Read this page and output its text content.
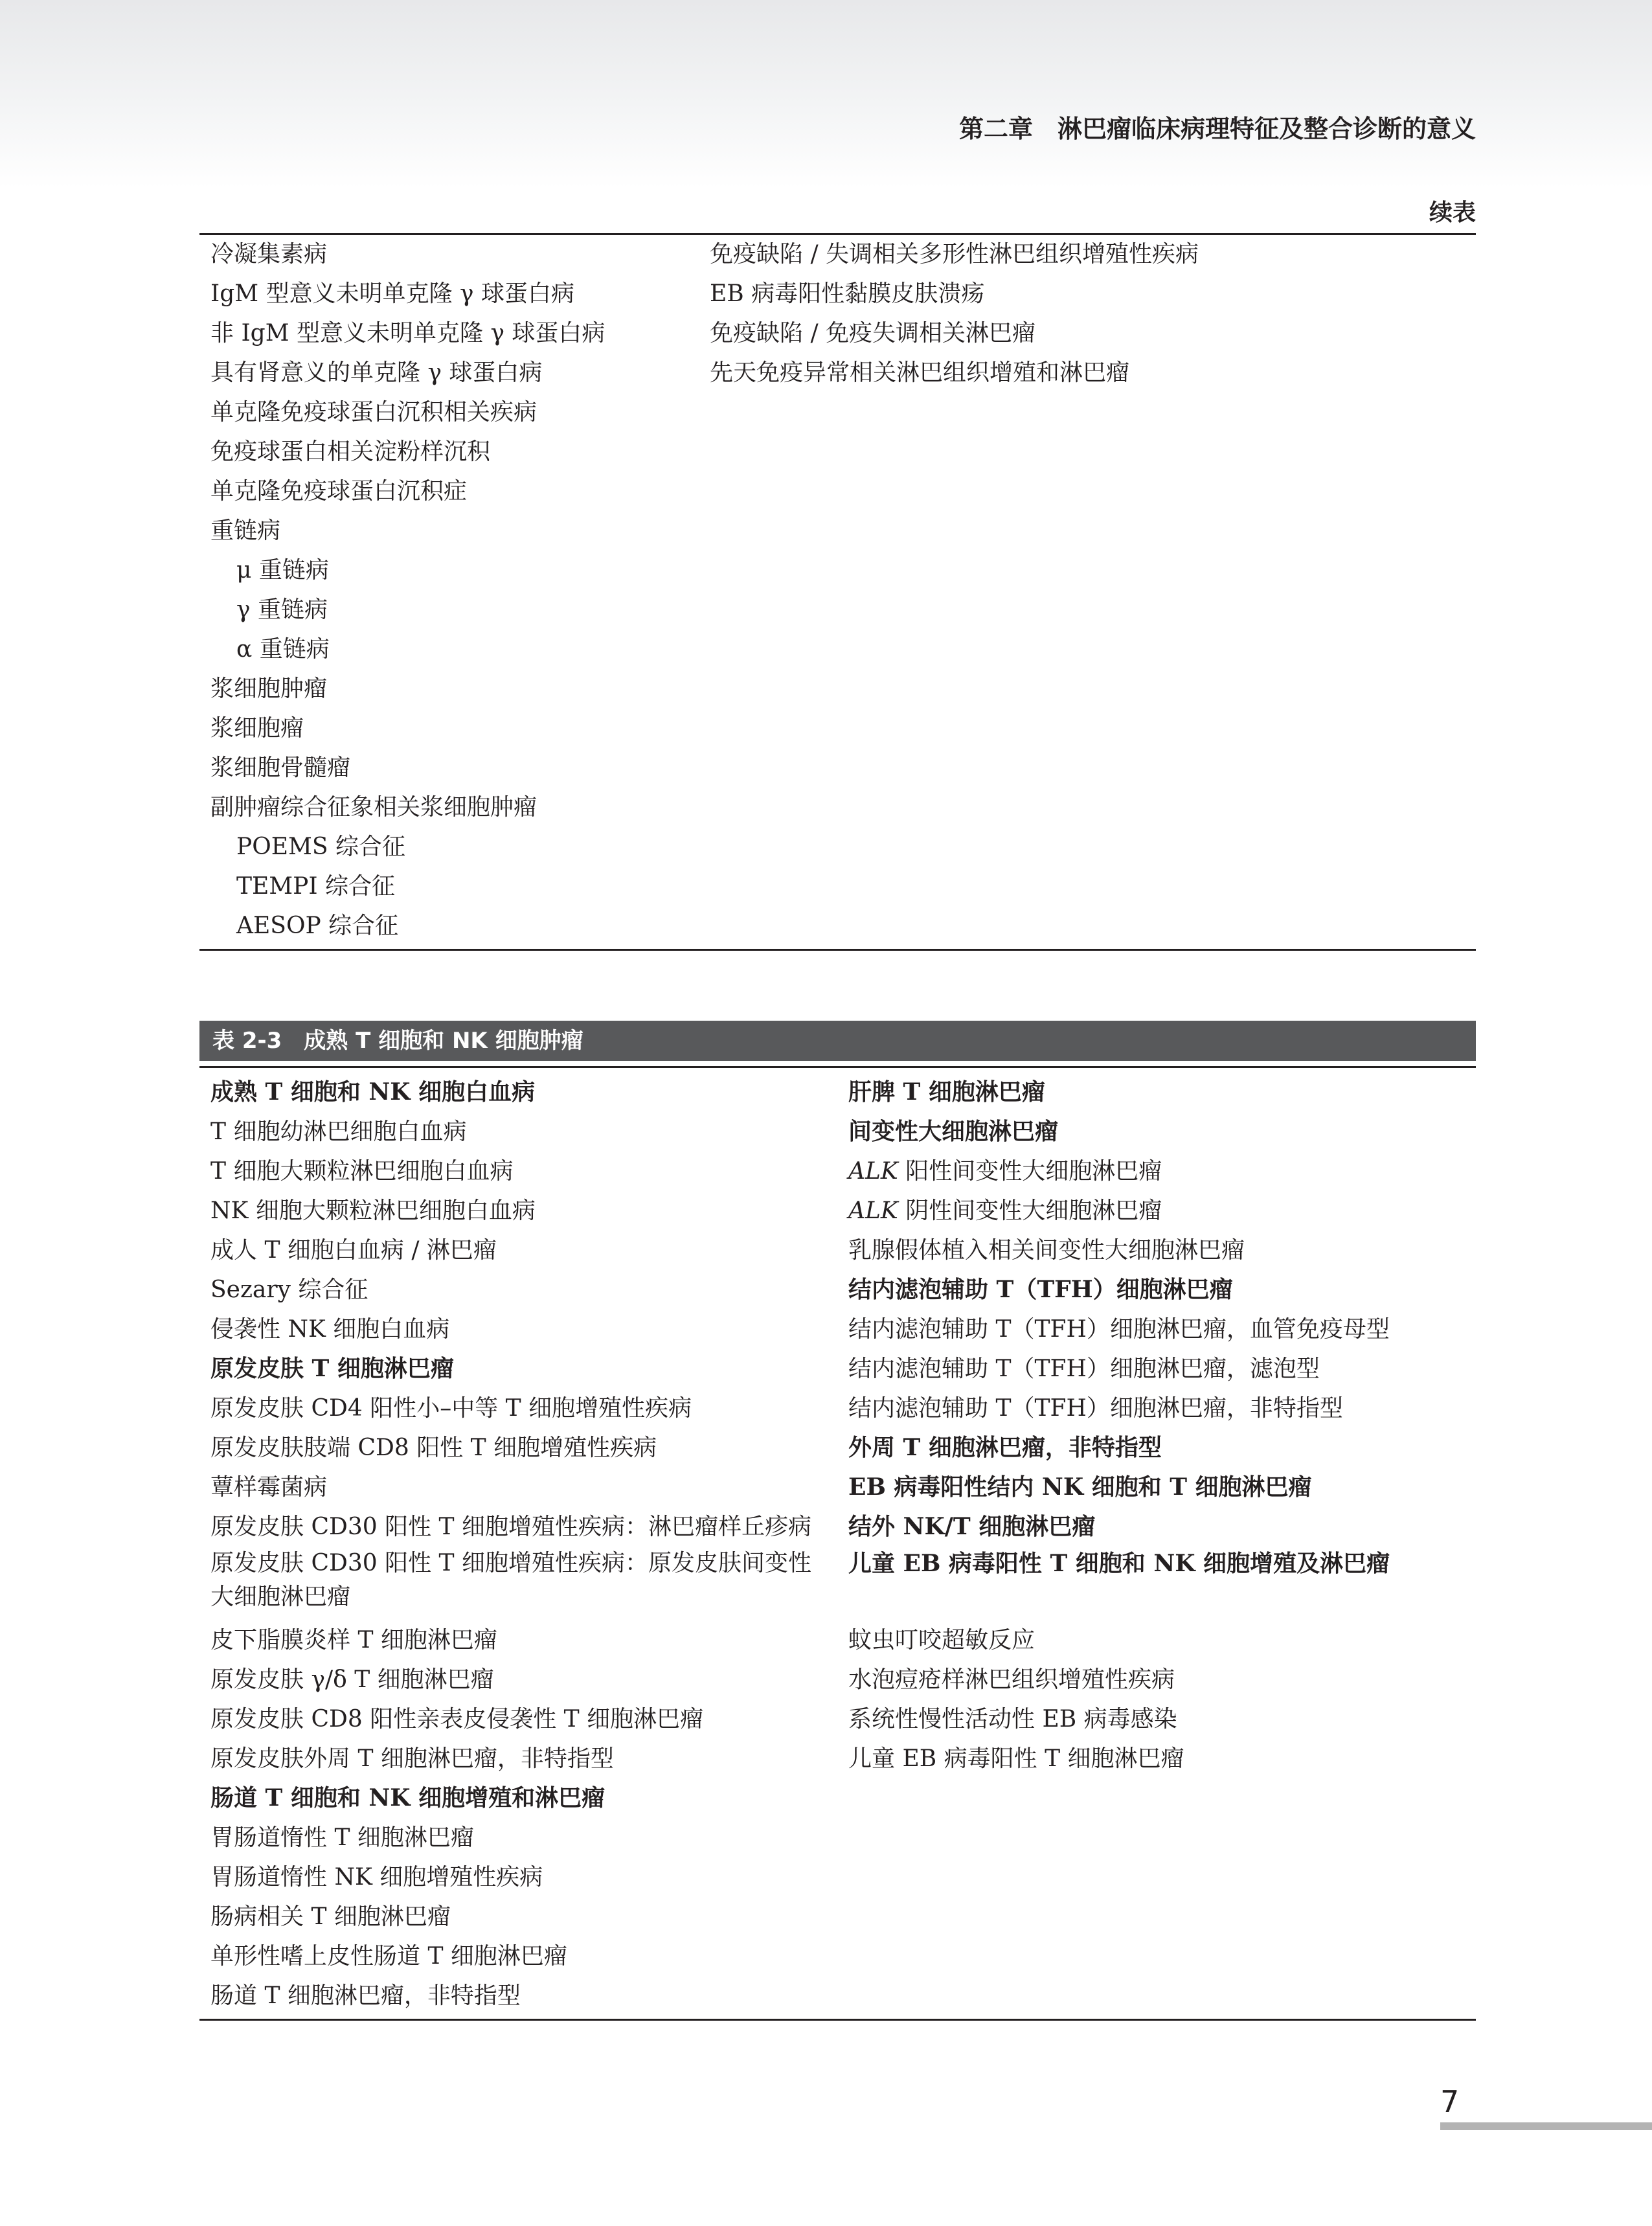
第二章　淋巴瘤临床病理特征及整合诊断的意义
续表
冷凝集素病
IgM 型意义未明单克隆 γ 球蛋白病
非 IgM 型意义未明单克隆 γ 球蛋白病
具有肾意义的单克隆 γ 球蛋白病
单克隆免疫球蛋白沉积相关疾病
免疫球蛋白相关淀粉样沉积
单克隆免疫球蛋白沉积症
重链病
μ 重链病
γ 重链病
α 重链病
浆细胞肿瘤
浆细胞瘤
浆细胞骨髓瘤
副肿瘤综合征象相关浆细胞肿瘤
POEMS 综合征
TEMPI 综合征
AESOP 综合征
免疫缺陷 / 失调相关多形性淋巴组织增殖性疾病
EB 病毒阳性黏膜皮肤溃疡
免疫缺陷 / 免疫失调相关淋巴瘤
先天免疫异常相关淋巴组织增殖和淋巴瘤
表 2-3　成熟 T 细胞和 NK 细胞肿瘤
成熟 T 细胞和 NK 细胞白血病
T 细胞幼淋巴细胞白血病
T 细胞大颗粒淋巴细胞白血病
NK 细胞大颗粒淋巴细胞白血病
成人 T 细胞白血病 / 淋巴瘤
Sezary 综合征
侵袭性 NK 细胞白血病
原发皮肤 T 细胞淋巴瘤
原发皮肤 CD4 阳性小–中等 T 细胞增殖性疾病
原发皮肤肢端 CD8 阳性 T 细胞增殖性疾病
蕈样霉菌病
原发皮肤 CD30 阳性 T 细胞增殖性疾病：淋巴瘤样丘疹病
原发皮肤 CD30 阳性 T 细胞增殖性疾病：原发皮肤间变性大细胞淋巴瘤
皮下脂膜炎样 T 细胞淋巴瘤
原发皮肤 γ/δ T 细胞淋巴瘤
原发皮肤 CD8 阳性亲表皮侵袭性 T 细胞淋巴瘤
原发皮肤外周 T 细胞淋巴瘤，非特指型
肠道 T 细胞和 NK 细胞增殖和淋巴瘤
胃肠道惰性 T 细胞淋巴瘤
胃肠道惰性 NK 细胞增殖性疾病
肠病相关 T 细胞淋巴瘤
单形性嗜上皮性肠道 T 细胞淋巴瘤
肠道 T 细胞淋巴瘤，非特指型
肝脾 T 细胞淋巴瘤
间变性大细胞淋巴瘤
ALK 阳性间变性大细胞淋巴瘤
ALK 阴性间变性大细胞淋巴瘤
乳腺假体植入相关间变性大细胞淋巴瘤
结内滤泡辅助 T（TFH）细胞淋巴瘤
结内滤泡辅助 T（TFH）细胞淋巴瘤，血管免疫母型
结内滤泡辅助 T（TFH）细胞淋巴瘤，滤泡型
结内滤泡辅助 T（TFH）细胞淋巴瘤，非特指型
外周 T 细胞淋巴瘤，非特指型
EB 病毒阳性结内 NK 细胞和 T 细胞淋巴瘤
结外 NK/T 细胞淋巴瘤
儿童 EB 病毒阳性 T 细胞和 NK 细胞增殖及淋巴瘤
蚊虫叮咬超敏反应
水泡痘疮样淋巴组织增殖性疾病
系统性慢性活动性 EB 病毒感染
儿童 EB 病毒阳性 T 细胞淋巴瘤
7
